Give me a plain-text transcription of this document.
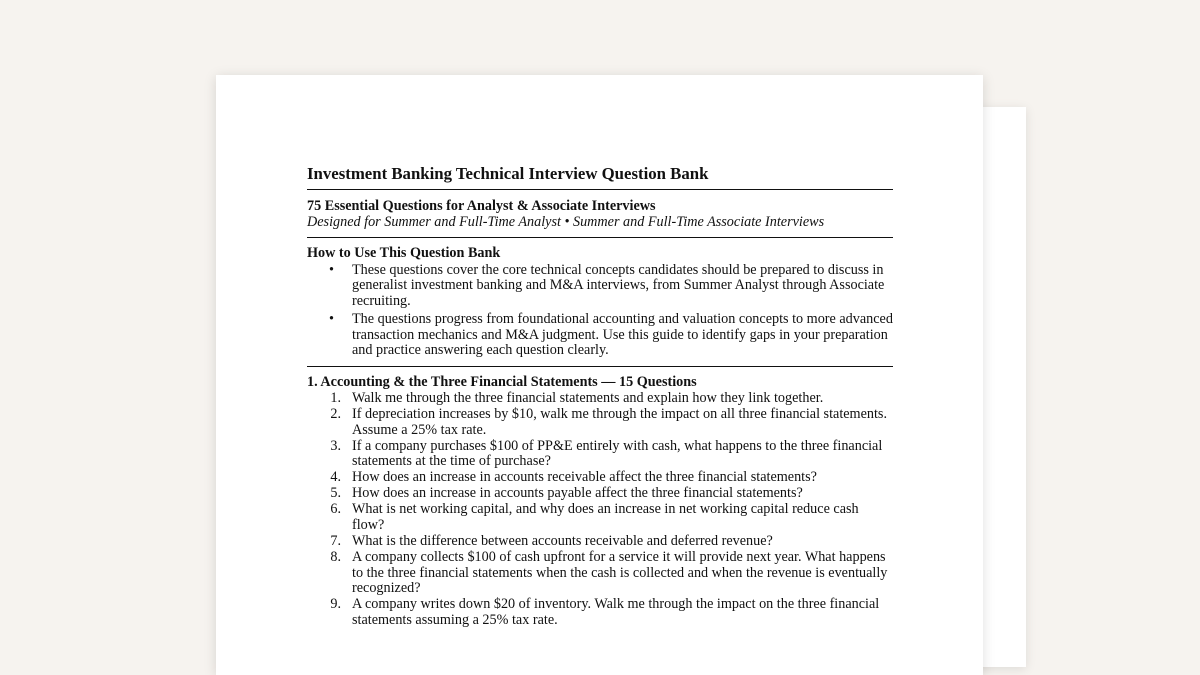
Investment Banking Technical Interview Question Bank
75 Essential Questions for Analyst & Associate Interviews
Designed for Summer and Full-Time Analyst • Summer and Full-Time Associate Interviews
How to Use This Question Bank
• These questions cover the core technical concepts candidates should be prepared to discuss in generalist investment banking and M&A interviews, from Summer Analyst through Associate recruiting.
• The questions progress from foundational accounting and valuation concepts to more advanced transaction mechanics and M&A judgment. Use this guide to identify gaps in your preparation and practice answering each question clearly.
1. Accounting & the Three Financial Statements — 15 Questions
1. Walk me through the three financial statements and explain how they link together.
2. If depreciation increases by $10, walk me through the impact on all three financial statements. Assume a 25% tax rate.
3. If a company purchases $100 of PP&E entirely with cash, what happens to the three financial statements at the time of purchase?
4. How does an increase in accounts receivable affect the three financial statements?
5. How does an increase in accounts payable affect the three financial statements?
6. What is net working capital, and why does an increase in net working capital reduce cash flow?
7. What is the difference between accounts receivable and deferred revenue?
8. A company collects $100 of cash upfront for a service it will provide next year. What happens to the three financial statements when the cash is collected and when the revenue is eventually recognized?
9. A company writes down $20 of inventory. Walk me through the impact on the three financial statements assuming a 25% tax rate.
